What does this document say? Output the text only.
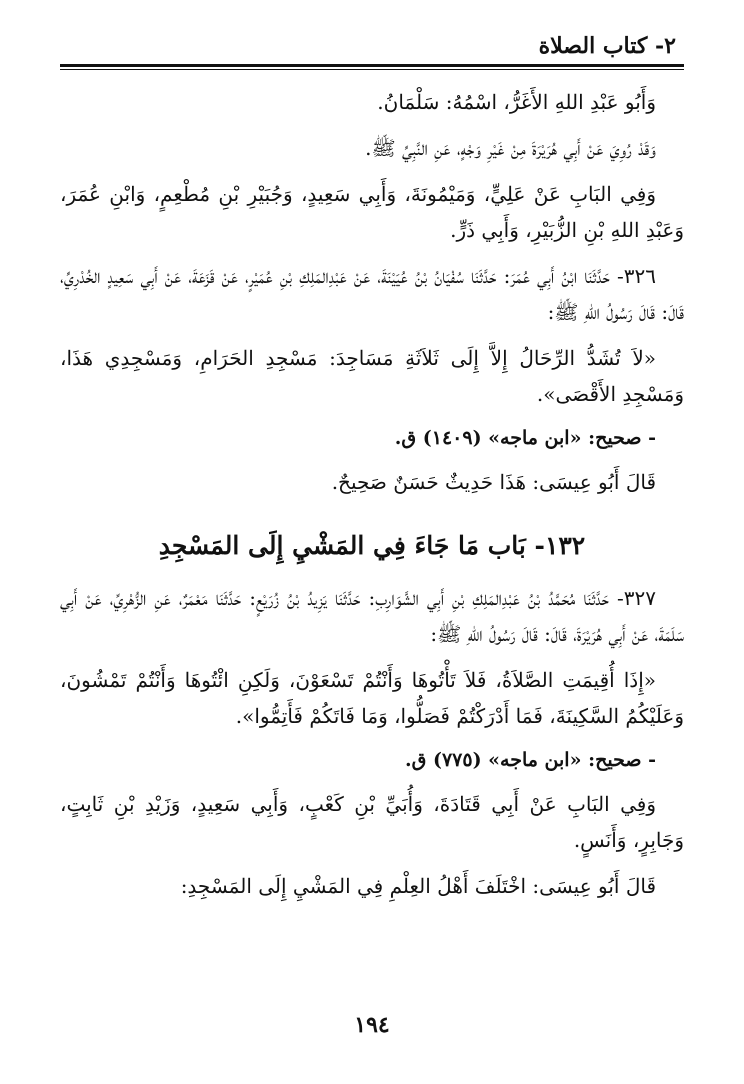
٢- كتاب الصلاة

وَأَبُو عَبْدِ اللهِ الأَغَرُّ، اسْمُهُ: سَلْمَانُ.

وَقَدْ رُوِيَ عَنْ أَبِي هُرَيْرَةَ مِنْ غَيْرِ وَجْهٍ، عَنِ النَّبِيِّ ﷺ.

وَفِي البَابِ عَنْ عَلِيٍّ، وَمَيْمُونَةَ، وَأَبِي سَعِيدٍ، وَجُبَيْرِ بْنِ مُطْعِمٍ، وَابْنِ عُمَرَ، وَعَبْدِ اللهِ بْنِ الزُّبَيْرِ، وَأَبِي ذَرٍّ.

٣٢٦- حَدَّثَنَا ابْنُ أَبِي عُمَرَ: حَدَّثَنَا سُفْيَانُ بْنُ عُيَيْنَةَ، عَنْ عَبْدِالمَلِكِ بْنِ عُمَيْرٍ، عَنْ قَزَعَةَ، عَنْ أَبِي سَعِيدٍ الخُدْرِيِّ، قَالَ: قَالَ رَسُولُ اللهِ ﷺ:

«لاَ تُشَدُّ الرِّحَالُ إِلاَّ إِلَى ثَلاَثَةِ مَسَاجِدَ: مَسْجِدِ الحَرَامِ، وَمَسْجِدِي هَذَا، وَمَسْجِدِ الأَقْصَى».

- صحيح: «ابن ماجه» (١٤٠٩) ق.

قَالَ أَبُو عِيسَى: هَذَا حَدِيثٌ حَسَنٌ صَحِيحٌ.

١٣٢- بَاب مَا جَاءَ فِي المَشْيِ إِلَى المَسْجِدِ

٣٢٧- حَدَّثَنَا مُحَمَّدُ بْنُ عَبْدِالمَلِكِ بْنِ أَبِي الشَّوَارِبِ: حَدَّثَنَا يَزِيدُ بْنُ زُرَيْعٍ: حَدَّثَنَا مَعْمَرٌ، عَنِ الزُّهْرِيِّ، عَنْ أَبِي سَلَمَةَ، عَنْ أَبِي هُرَيْرَةَ، قَالَ: قَالَ رَسُولُ اللهِ ﷺ:

«إِذَا أُقِيمَتِ الصَّلاَةُ، فَلاَ تَأْتُوهَا وَأَنْتُمْ تَسْعَوْنَ، وَلَكِنِ ائْتُوهَا وَأَنْتُمْ تَمْشُونَ، وَعَلَيْكُمُ السَّكِينَةَ، فَمَا أَدْرَكْتُمْ فَصَلُّوا، وَمَا فَاتَكُمْ فَأَتِمُّوا».

- صحيح: «ابن ماجه» (٧٧٥) ق.

وَفِي البَابِ عَنْ أَبِي قَتَادَةَ، وَأُبَيِّ بْنِ كَعْبٍ، وَأَبِي سَعِيدٍ، وَزَيْدِ بْنِ ثَابِتٍ، وَجَابِرٍ، وَأَنَسٍ.

قَالَ أَبُو عِيسَى: اخْتَلَفَ أَهْلُ العِلْمِ فِي المَشْيِ إِلَى المَسْجِدِ:

١٩٤
